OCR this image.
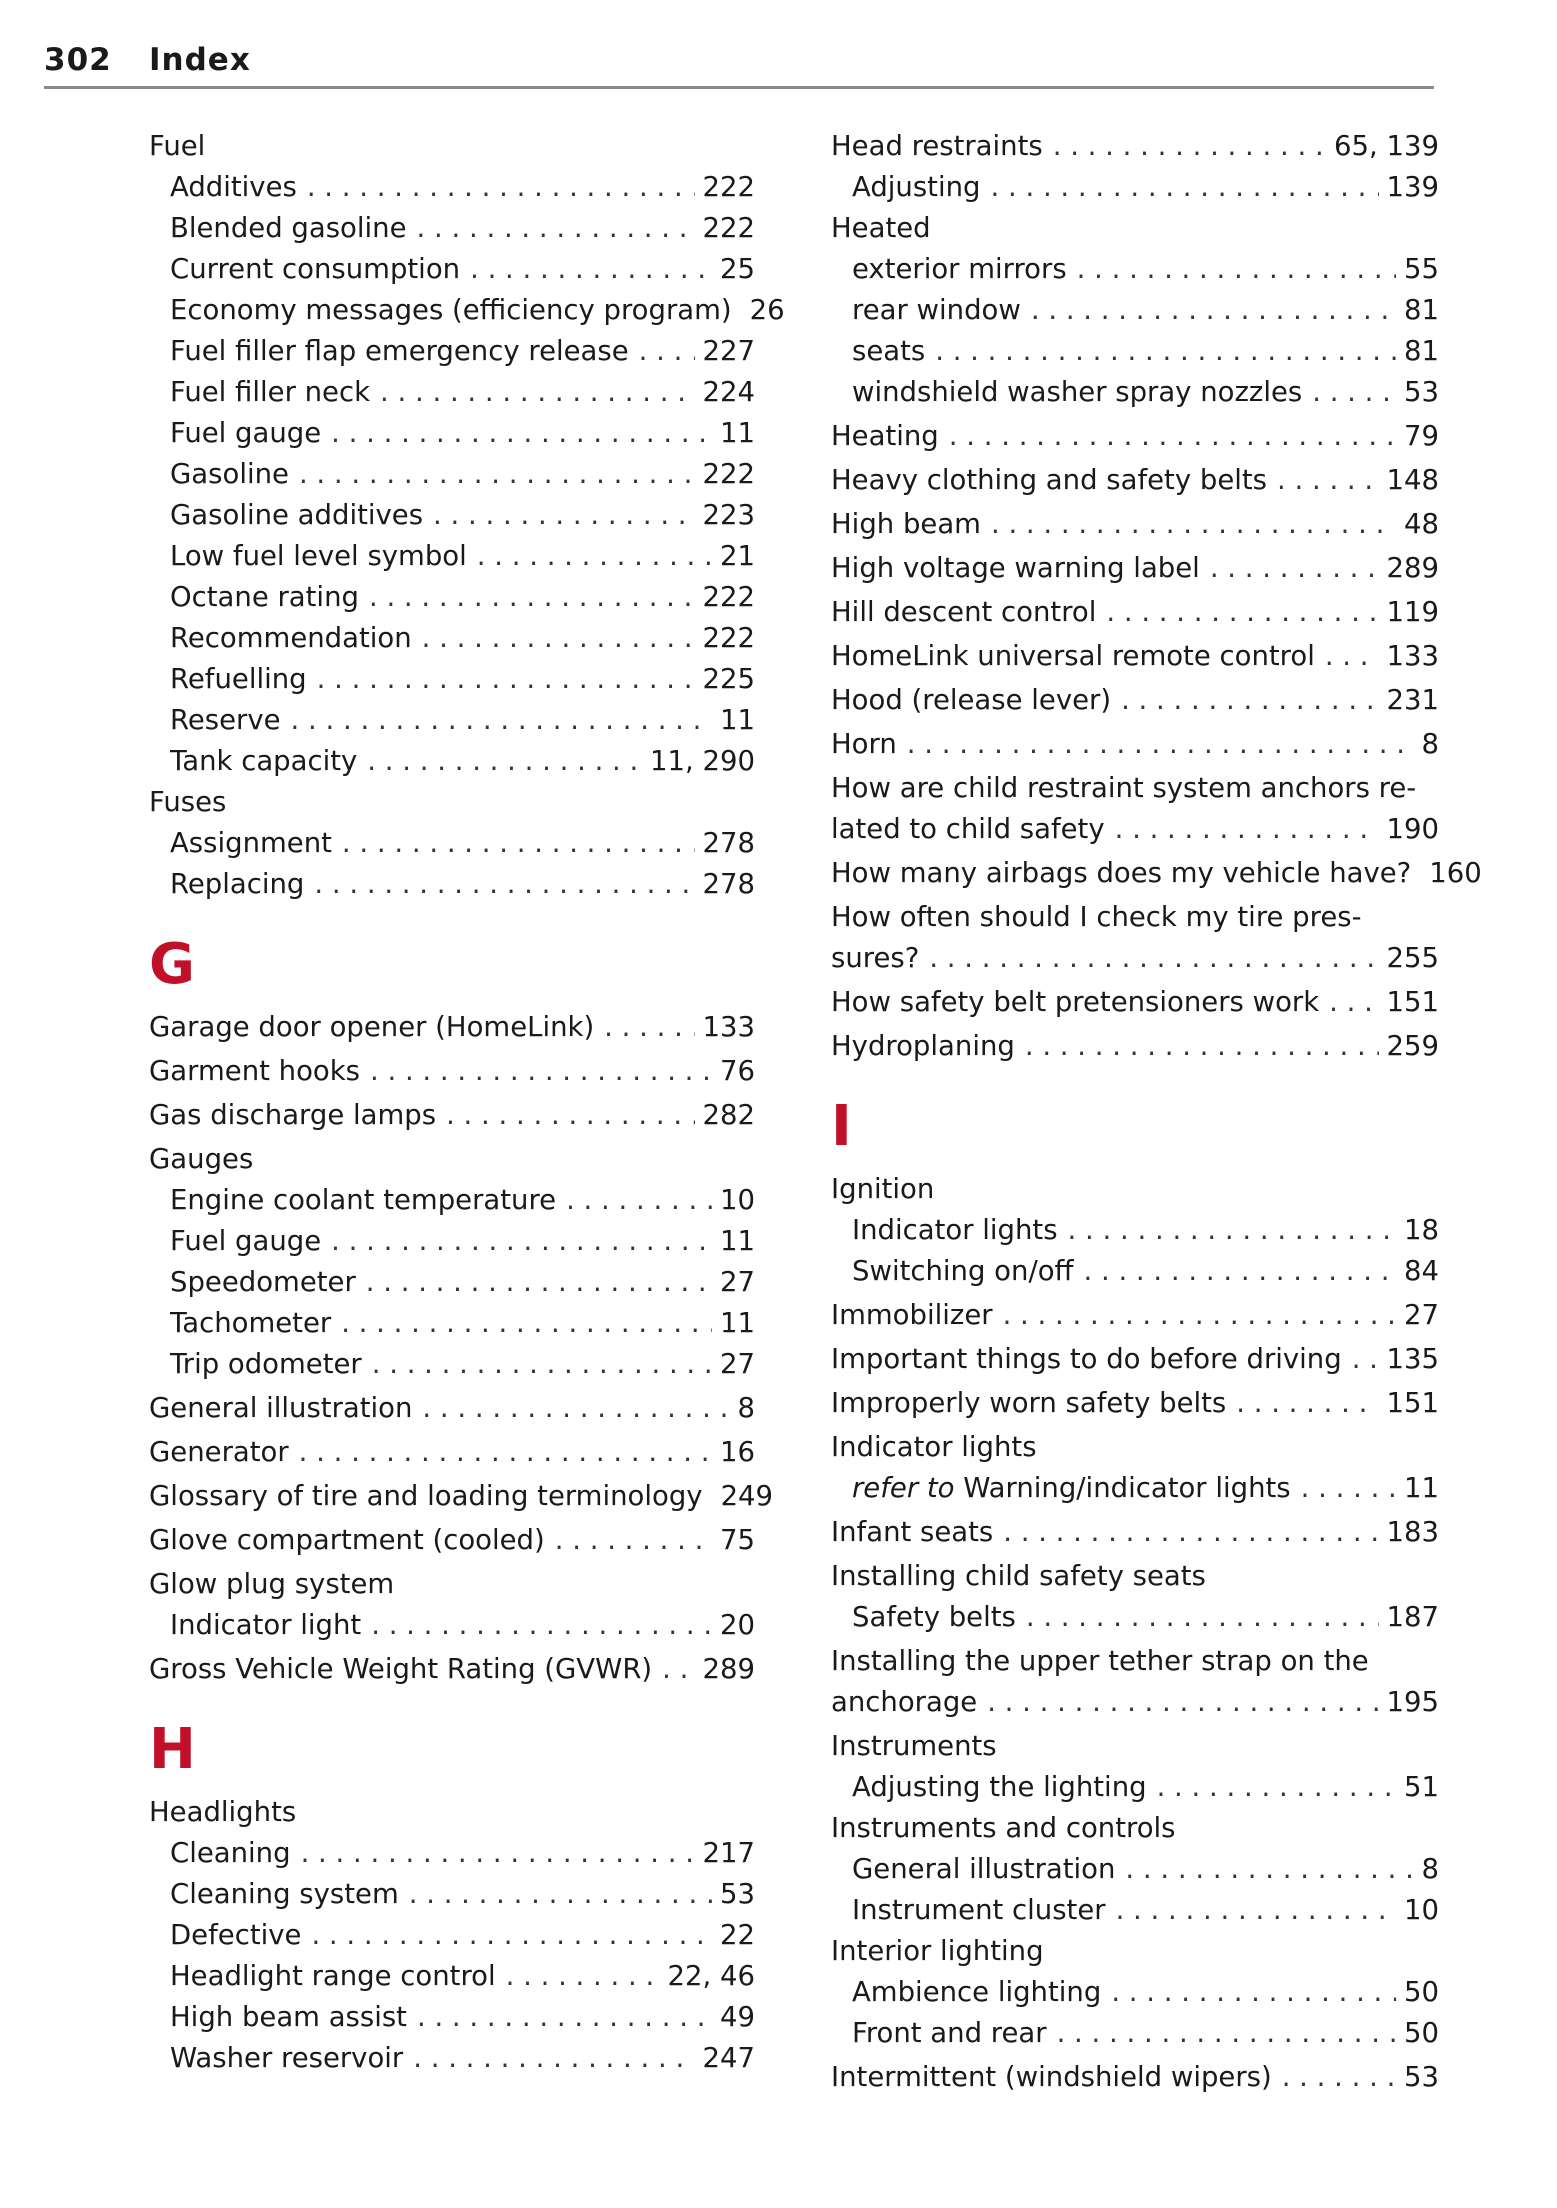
302 Index
Fuel
Additives . . .	222
Blended gasoline . . .	222
Current consumption . . .	25
Economy messages (efficiency program) 26
Fuel filler flap emergency release . . .	227
Fuel filler neck . . .	224
Fuel gauge . . .	11
Gasoline . . .	222
Gasoline additives . . .	223
Low fuel level symbol . . .	21
Octane rating . . .	222
Recommendation . . .	222
Refuelling . . .	225
Reserve . . .	11
Tank capacity . . .	11, 290
Fuses
Assignment . . .	278
Replacing . . .	278
G
Garage door opener (HomeLink) . . .	133
Garment hooks . . .	76
Gas discharge lamps . . .	282
Gauges
Engine coolant temperature . . .	10
Fuel gauge . . .	11
Speedometer . . .	27
Tachometer . . .	11
Trip odometer . . .	27
General illustration . . .	8
Generator . . .	16
Glossary of tire and loading terminology 249
Glove compartment (cooled) . . .	75
Glow plug system
Indicator light . . .	20
Gross Vehicle Weight Rating (GVWR) . . . 289
H
Headlights
Cleaning . . .	217
Cleaning system . . .	53
Defective . . .	22
Headlight range control . . .	22, 46
High beam assist . . .	49
Washer reservoir . . .	247
Head restraints . . .	65, 139
Adjusting . . .	139
Heated
exterior mirrors . . .	55
rear window . . .	81
seats . . .	81
windshield washer spray nozzles . . .	53
Heating . . .	79
Heavy clothing and safety belts . . .	148
High beam . . .	48
High voltage warning label . . .	289
Hill descent control . . .	119
HomeLink universal remote control . . .	133
Hood (release lever) . . .	231
Horn . . .	8
How are child restraint system anchors re-
lated to child safety . . .	190
How many airbags does my vehicle have? 160
How often should I check my tire pres-
sures? . . .	255
How safety belt pretensioners work . . . 151
Hydroplaning . . .	259
I
Ignition
Indicator lights . . .	18
Switching on/off . . .	84
Immobilizer . . .	27
Important things to do before driving . . . 135
Improperly worn safety belts . . .	151
Indicator lights
refer to Warning/indicator lights . . .	11
Infant seats . . .	183
Installing child safety seats
Safety belts . . .	187
Installing the upper tether strap on the
anchorage . . .	195
Instruments
Adjusting the lighting . . .	51
Instruments and controls
General illustration . . .	8
Instrument cluster . . .	10
Interior lighting
Ambience lighting . . .	50
Front and rear . . .	50
Intermittent (windshield wipers) . . .	53
